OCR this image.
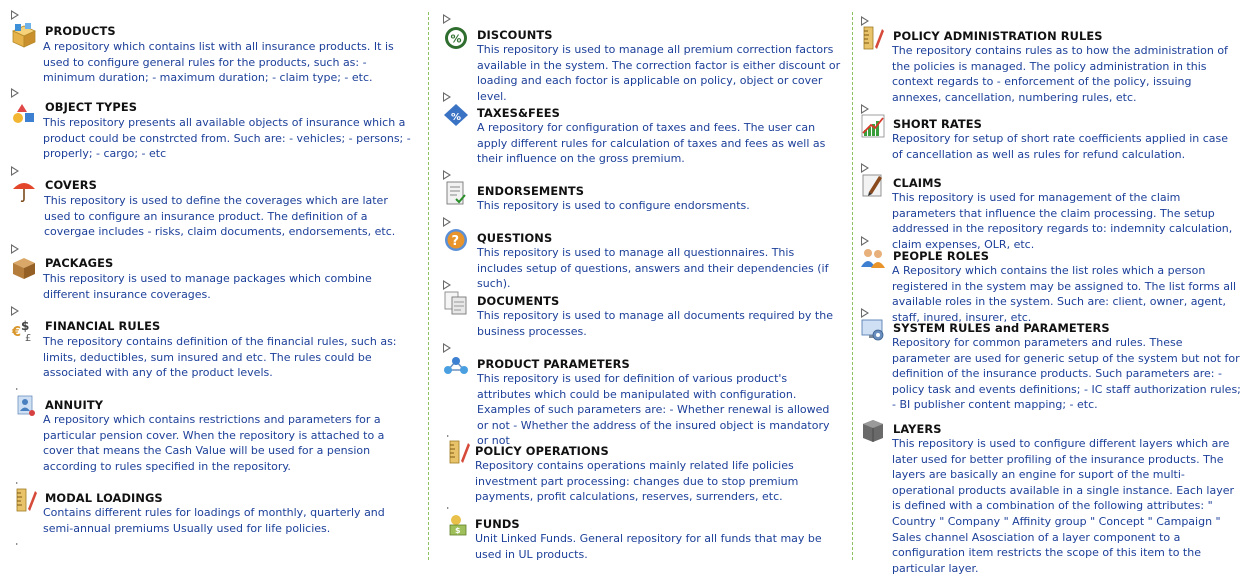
PRODUCTS
A repository which contains list with all insurance products. It is used to configure general rules for the products, such as: - minimum duration; - maximum duration; - claim type; - etc.
OBJECT TYPES
This repository presents all available objects of insurance which a product could be constrcted from. Such are: - vehicles; - persons; - properly; - cargo; - etc
COVERS
This repository is used to define the coverages which are later used to configure an insurance product. The definition of a covergae includes - risks, claim documents, endorsements, etc.
PACKAGES
This repository is used to manage packages which combine different insurance coverages.
€ $
£
FINANCIAL RULES
The repository contains definition of the financial rules, such as: limits, deductibles, sum insured and etc. The rules could be associated with any of the product levels.
ANNUITY
A repository which contains restrictions and parameters for a particular pension cover. When the repository is attached to a cover that means the Cash Value will be used for a pension according to rules specified in the repository.
MODAL LOADINGS
Contains different rules for loadings of monthly, quarterly and semi-annual premiums Usually used for life policies.
% DISCOUNTS
This repository is used to manage all premium correction factors available in the system. The correction factor is either discount or loading and each foctor is applicable on policy, object or cover level.
% TAXES&FEES
A repository for configuration of taxes and fees. The user can apply different rules for calculation of taxes and fees as well as their influence on the gross premium.
ENDORSEMENTS
This repository is used to configure endorsments.
? QUESTIONS
This repository is used to manage all questionnaires. This includes setup of questions, answers and their dependencies (if such).
DOCUMENTS
This repository is used to manage all documents required by the business processes.
PRODUCT PARAMETERS
This repository is used for definition of various product's attributes which could be manipulated with configuration. Examples of such parameters are: - Whether renewal is allowed or not - Whether the address of the insured object is mandatory or not
POLICY OPERATIONS
Repository contains operations mainly related life policies investment part processing: changes due to stop premium payments, profit calculations, reserves, surrenders, etc.
$ FUNDS
Unit Linked Funds. General repository for all funds that may be used in UL products.
POLICY ADMINISTRATION RULES
The repository contains rules as to how the administration of the policies is managed. The policy administration in this context regards to - enforcement of the policy, issuing annexes, cancellation, numbering rules, etc.
SHORT RATES
Repository for setup of short rate coefficients applied in case of cancellation as well as rules for refund calculation.
CLAIMS
This repository is used for management of the claim parameters that influence the claim processing. The setup addressed in the repository regards to: indemnity calculation, claim expenses, OLR, etc.
PEOPLE ROLES
A Repository which contains the list roles which a person registered in the system may be assigned to. The list forms all available roles in the system. Such are: client, owner, agent, staff, inured, insurer, etc.
SYSTEM RULES and PARAMETERS
Repository for common parameters and rules. These parameter are used for generic setup of the system but not for definition of the insurance products. Such parameters are: - policy task and events definitions; - IC staff authorization rules; - BI publisher content mapping; - etc.
LAYERS
This repository is used to configure different layers which are later used for better profiling of the insurance products. The layers are basically an engine for suport of the multi-operational products available in a single instance. Each layer is defined with a combination of the following attributes: " Country " Company " Affinity group " Concept " Campaign " Sales channel Asosciation of a layer component to a configuration item restricts the scope of this item to the particular layer.
